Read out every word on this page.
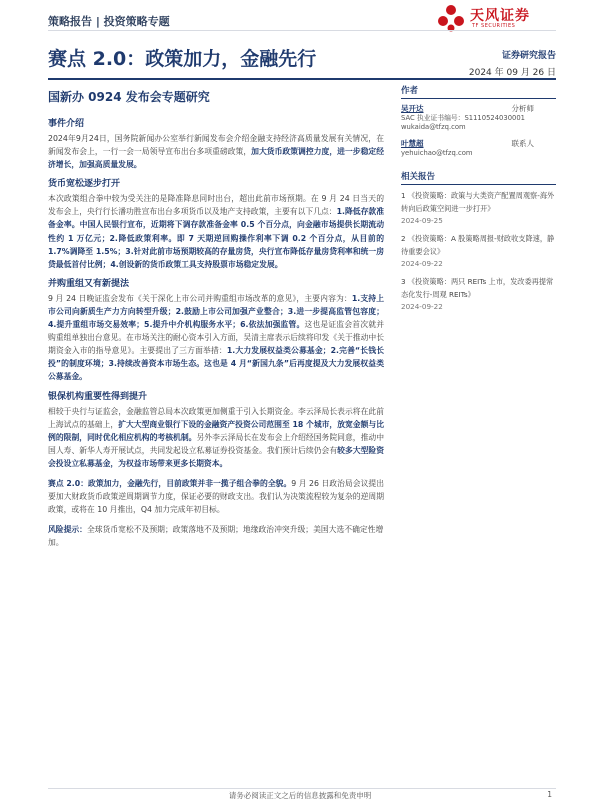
策略报告 | 投资策略专题	天风证券
TF SECURITIES
赛点 2.0：政策加力，金融先行	证券研究报告
2024 年 09 月 26 日
国新办 0924 发布会专题研究
事件介绍

2024年9月24日，国务院新闻办公室举行新闻发布会介绍金融支持经济高质量发展有关情况，在新闻发布会上，一行一会一局领导宣布出台多项重磅政策，加大货币政策调控力度，进一步稳定经济增长，加强高质量发展。

货币宽松逐步打开

本次政策组合拳中较为受关注的是降准降息同时出台，超出此前市场预期。在 9 月 24 日当天的发布会上，央行行长潘功胜宣布出台多项货币以及地产支持政策，主要有以下几点：1.降低存款准备金率。中国人民银行宣布，近期将下调存款准备金率 0.5 个百分点，向金融市场提供长期流动性约 1 万亿元；2.降低政策利率。即 7 天期逆回购操作利率下调 0.2 个百分点，从目前的 1.7%调降至 1.5%；3.针对此前市场预期较高的存量房贷，央行宣布降低存量房贷利率和统一房贷最低首付比例；4.创设新的货币政策工具支持股票市场稳定发展。

并购重组又有新提法

9 月 24 日晚证监会发布《关于深化上市公司并购重组市场改革的意见》，主要内容为：1.支持上市公司向新质生产力方向转型升级；2.鼓励上市公司加强产业整合；3.进一步提高监管包容度；4.提升重组市场交易效率；5.提升中介机构服务水平；6.依法加强监管。这也是证监会首次就并购重组单独出台意见。在市场关注的耐心资本引入方面，吴清主席表示后续将印发《关于推动中长期资金入市的指导意见》。主要提出了三方面举措：1.大力发展权益类公募基金；2.完善“长钱长投”的制度环境；3.持续改善资本市场生态。这也是 4 月“新国九条”后再度提及大力发展权益类公募基金。

银保机构重要性得到提升

相较于央行与证监会，金融监管总局本次政策更加侧重于引入长期资金。李云泽局长表示将在此前上海试点的基础上，扩大大型商业银行下设的金融资产投资公司范围至 18 个城市，放宽金额与比例的限制，同时优化相应机构的考核机制。另外李云泽局长在发布会上介绍经国务院同意，推动中国人寿、新华人寿开展试点，共同发起设立私募证券投资基金。我们预计后续仍会有较多大型险资会投设立私募基金，为权益市场带来更多长期资本。

赛点 2.0：政策加力，金融先行，目前政策并非一揽子组合拳的全貌。9 月 26 日政治局会议提出要加大财政货币政策逆周期调节力度，保证必要的财政支出。我们认为决策流程较为复杂的逆周期政策，或将在 10 月推出，Q4 加力完成年初目标。

风险提示：全球货币宽松不及预期；政策落地不及预期；地缘政治冲突升级；美国大选不确定性增加。

作者
吴开达	分析师
SAC 执业证书编号：S1110524030001
wukaida@tfzq.com
叶慧超	联系人
yehuichao@tfzq.com
相关报告
1 《投资策略：政策与大类资产配置周观察-海外转向后政策空间进一步打开》
2024-09-25
2 《投资策略：A 股策略周报-财政收支降速，静待重要会议》
2024-09-22
3 《投资策略：两只 REITs 上市，发改委再提常态化发行-周观 REITs》
2024-09-22
请务必阅读正文之后的信息披露和免责申明	1
